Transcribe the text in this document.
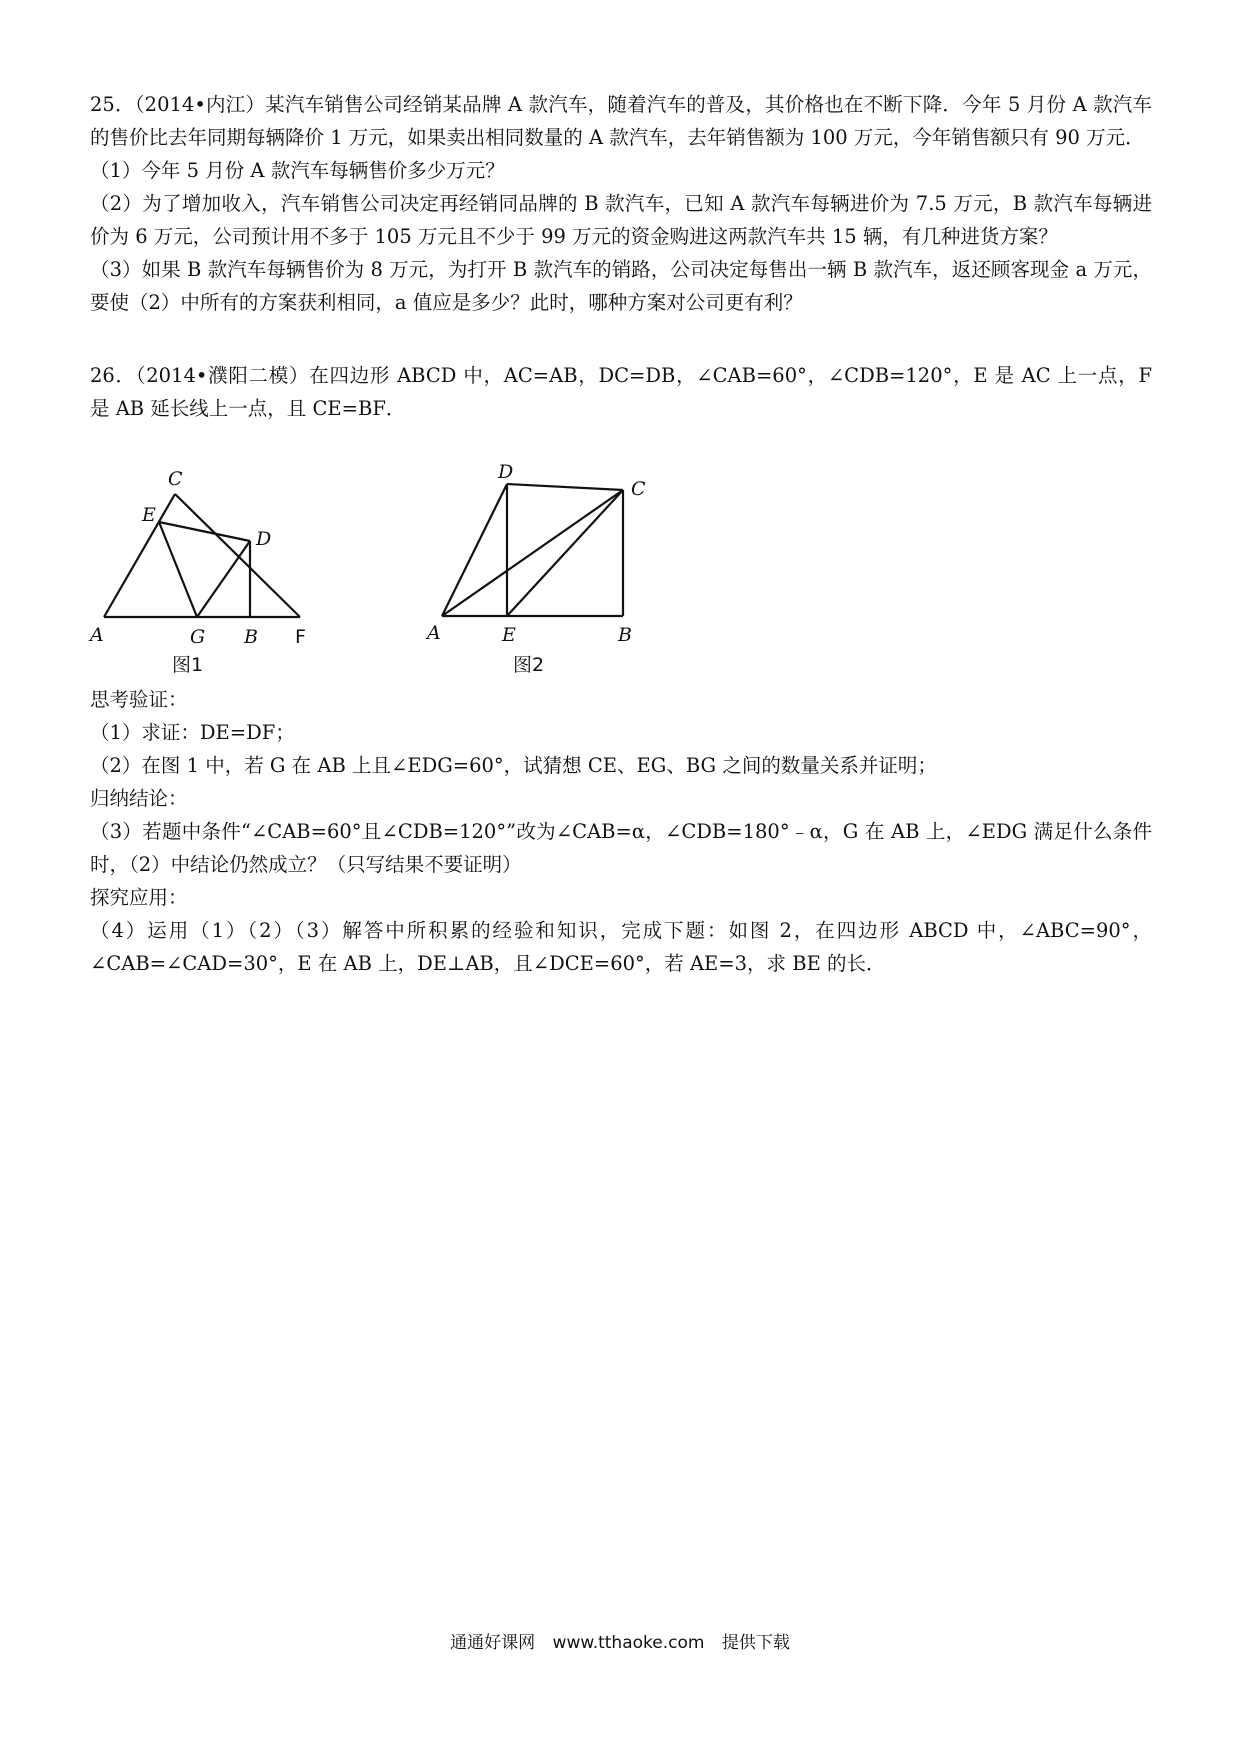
25．（2014•内江）某汽车销售公司经销某品牌 A 款汽车，随着汽车的普及，其价格也在不断下降．今年 5 月份 A 款汽车的售价比去年同期每辆降价 1 万元，如果卖出相同数量的 A 款汽车，去年销售额为 100 万元，今年销售额只有 90 万元．

（1）今年 5 月份 A 款汽车每辆售价多少万元？

（2）为了增加收入，汽车销售公司决定再经销同品牌的 B 款汽车，已知 A 款汽车每辆进价为 7.5 万元，B 款汽车每辆进价为 6 万元，公司预计用不多于 105 万元且不少于 99 万元的资金购进这两款汽车共 15 辆，有几种进货方案？

（3）如果 B 款汽车每辆售价为 8 万元，为打开 B 款汽车的销路，公司决定每售出一辆 B 款汽车，返还顾客现金 a 万元，要使（2）中所有的方案获利相同，a 值应是多少？此时，哪种方案对公司更有利？

26．（2014•濮阳二模）在四边形 ABCD 中，AC=AB，DC=DB，∠CAB=60°，∠CDB=120°，E 是 AC 上一点，F 是 AB 延长线上一点，且 CE=BF．

C
E
D
A	G B F
图1
D
C
A	E	B
图2

思考验证：

（1）求证：DE=DF；

（2）在图 1 中，若 G 在 AB 上且∠EDG=60°，试猜想 CE、EG、BG 之间的数量关系并证明；

归纳结论：

（3）若题中条件“∠CAB=60°且∠CDB=120°”改为∠CAB=α，∠CDB=180°﹣α，G 在 AB 上，∠EDG 满足什么条件时，（2）中结论仍然成立？（只写结果不要证明）

探究应用：

（4）运用（1）（2）（3）解答中所积累的经验和知识，完成下题：如图 2，在四边形 ABCD 中，∠ABC=90°，∠CAB=∠CAD=30°，E 在 AB 上，DE⊥AB，且∠DCE=60°，若 AE=3，求 BE 的长．

通通好课网 www.tthaoke.com 提供下载
